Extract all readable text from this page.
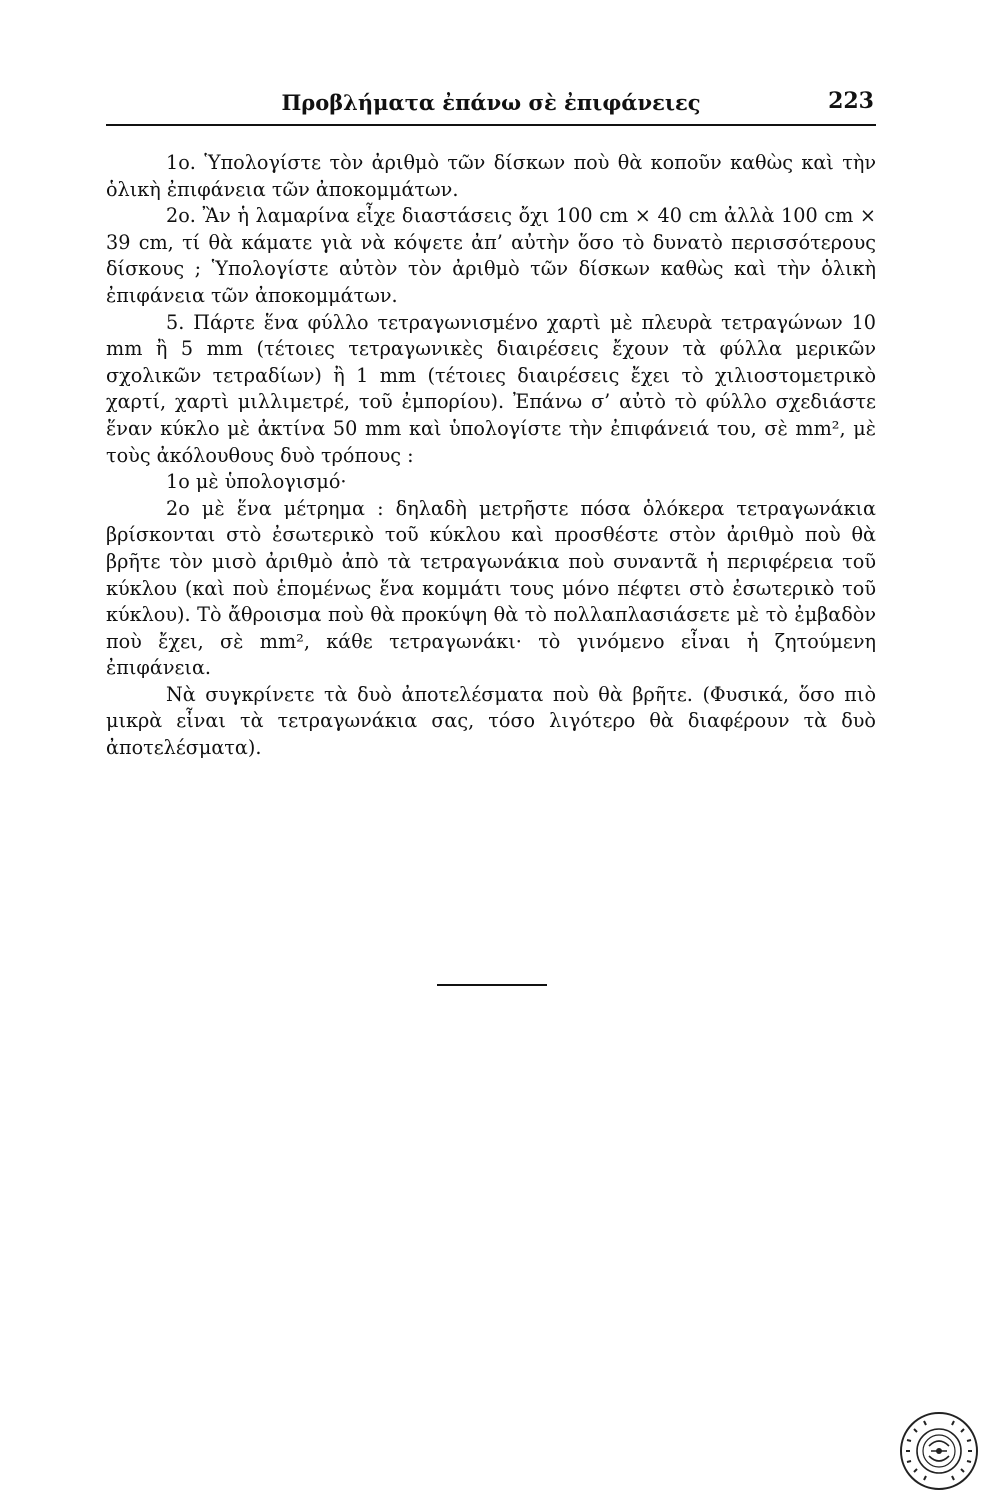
Προβλήματα ἐπάνω σὲ ἐπιφάνειες	223

1ο. Ὑπολογίστε τὸν ἀριθμὸ τῶν δίσκων ποὺ θὰ κοποῦν καθὼς καὶ τὴν ὁλικὴ ἐπιφάνεια τῶν ἀποκομμάτων.

2ο. Ἂν ἡ λαμαρίνα εἶχε διαστάσεις ὄχι 100 cm × 40 cm ἀλλὰ 100 cm × 39 cm, τί θὰ κάματε γιὰ νὰ κόψετε ἀπ’ αὐτὴν ὅσο τὸ δυνατὸ περισσότερους δίσκους ; Ὑπολογίστε αὐτὸν τὸν ἀριθμὸ τῶν δίσκων καθὼς καὶ τὴν ὁλικὴ ἐπιφάνεια τῶν ἀποκομμάτων.

5. Πάρτε ἕνα φύλλο τετραγωνισμένο χαρτὶ μὲ πλευρὰ τετραγώνων 10 mm ἢ 5 mm (τέτοιες τετραγωνικὲς διαιρέσεις ἔχουν τὰ φύλλα μερικῶν σχολικῶν τετραδίων) ἢ 1 mm (τέτοιες διαιρέσεις ἔχει τὸ χιλιοστομετρικὸ χαρτί, χαρτὶ μιλλιμετρέ, τοῦ ἐμπορίου). Ἐπάνω σ’ αὐτὸ τὸ φύλλο σχεδιάστε ἕναν κύκλο μὲ ἀκτίνα 50 mm καὶ ὑπολογίστε τὴν ἐπιφάνειά του, σὲ mm², μὲ τοὺς ἀκόλουθους δυὸ τρόπους :

1ο μὲ ὑπολογισμό·

2ο μὲ ἕνα μέτρημα : δηλαδὴ μετρῆστε πόσα ὁλόκερα τετραγωνάκια βρίσκονται στὸ ἐσωτερικὸ τοῦ κύκλου καὶ προσθέστε στὸν ἀριθμὸ ποὺ θὰ βρῆτε τὸν μισὸ ἀριθμὸ ἀπὸ τὰ τετραγωνάκια ποὺ συναντᾶ ἡ περιφέρεια τοῦ κύκλου (καὶ ποὺ ἑπομένως ἕνα κομμάτι τους μόνο πέφτει στὸ ἐσωτερικὸ τοῦ κύκλου). Τὸ ἄθροισμα ποὺ θὰ προκύψη θὰ τὸ πολλαπλασιάσετε μὲ τὸ ἐμβαδὸν ποὺ ἔχει, σὲ mm², κάθε τετραγωνάκι· τὸ γινόμενο εἶναι ἡ ζητούμενη ἐπιφάνεια.

Νὰ συγκρίνετε τὰ δυὸ ἀποτελέσματα ποὺ θὰ βρῆτε. (Φυσικά, ὅσο πιὸ μικρὰ εἶναι τὰ τετραγωνάκια σας, τόσο λιγότερο θὰ διαφέρουν τὰ δυὸ ἀποτελέσματα).
